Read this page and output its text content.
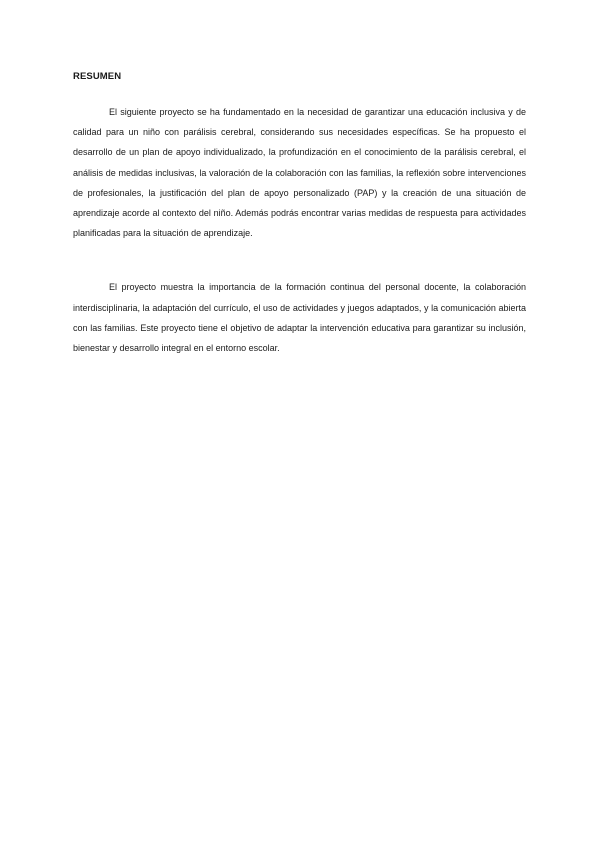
RESUMEN

El siguiente proyecto se ha fundamentado en la necesidad de garantizar una educación inclusiva y de calidad para un niño con parálisis cerebral, considerando sus necesidades específicas. Se ha propuesto el desarrollo de un plan de apoyo individualizado, la profundización en el conocimiento de la parálisis cerebral, el análisis de medidas inclusivas, la valoración de la colaboración con las familias, la reflexión sobre intervenciones de profesionales, la justificación del plan de apoyo personalizado (PAP) y la creación de una situación de aprendizaje acorde al contexto del niño. Además podrás encontrar varias medidas de respuesta para actividades planificadas para la situación de aprendizaje.

El proyecto muestra la importancia de la formación continua del personal docente, la colaboración interdisciplinaria, la adaptación del currículo, el uso de actividades y juegos adaptados, y la comunicación abierta con las familias. Este proyecto tiene el objetivo de adaptar la intervención educativa para garantizar su inclusión, bienestar y desarrollo integral en el entorno escolar.
